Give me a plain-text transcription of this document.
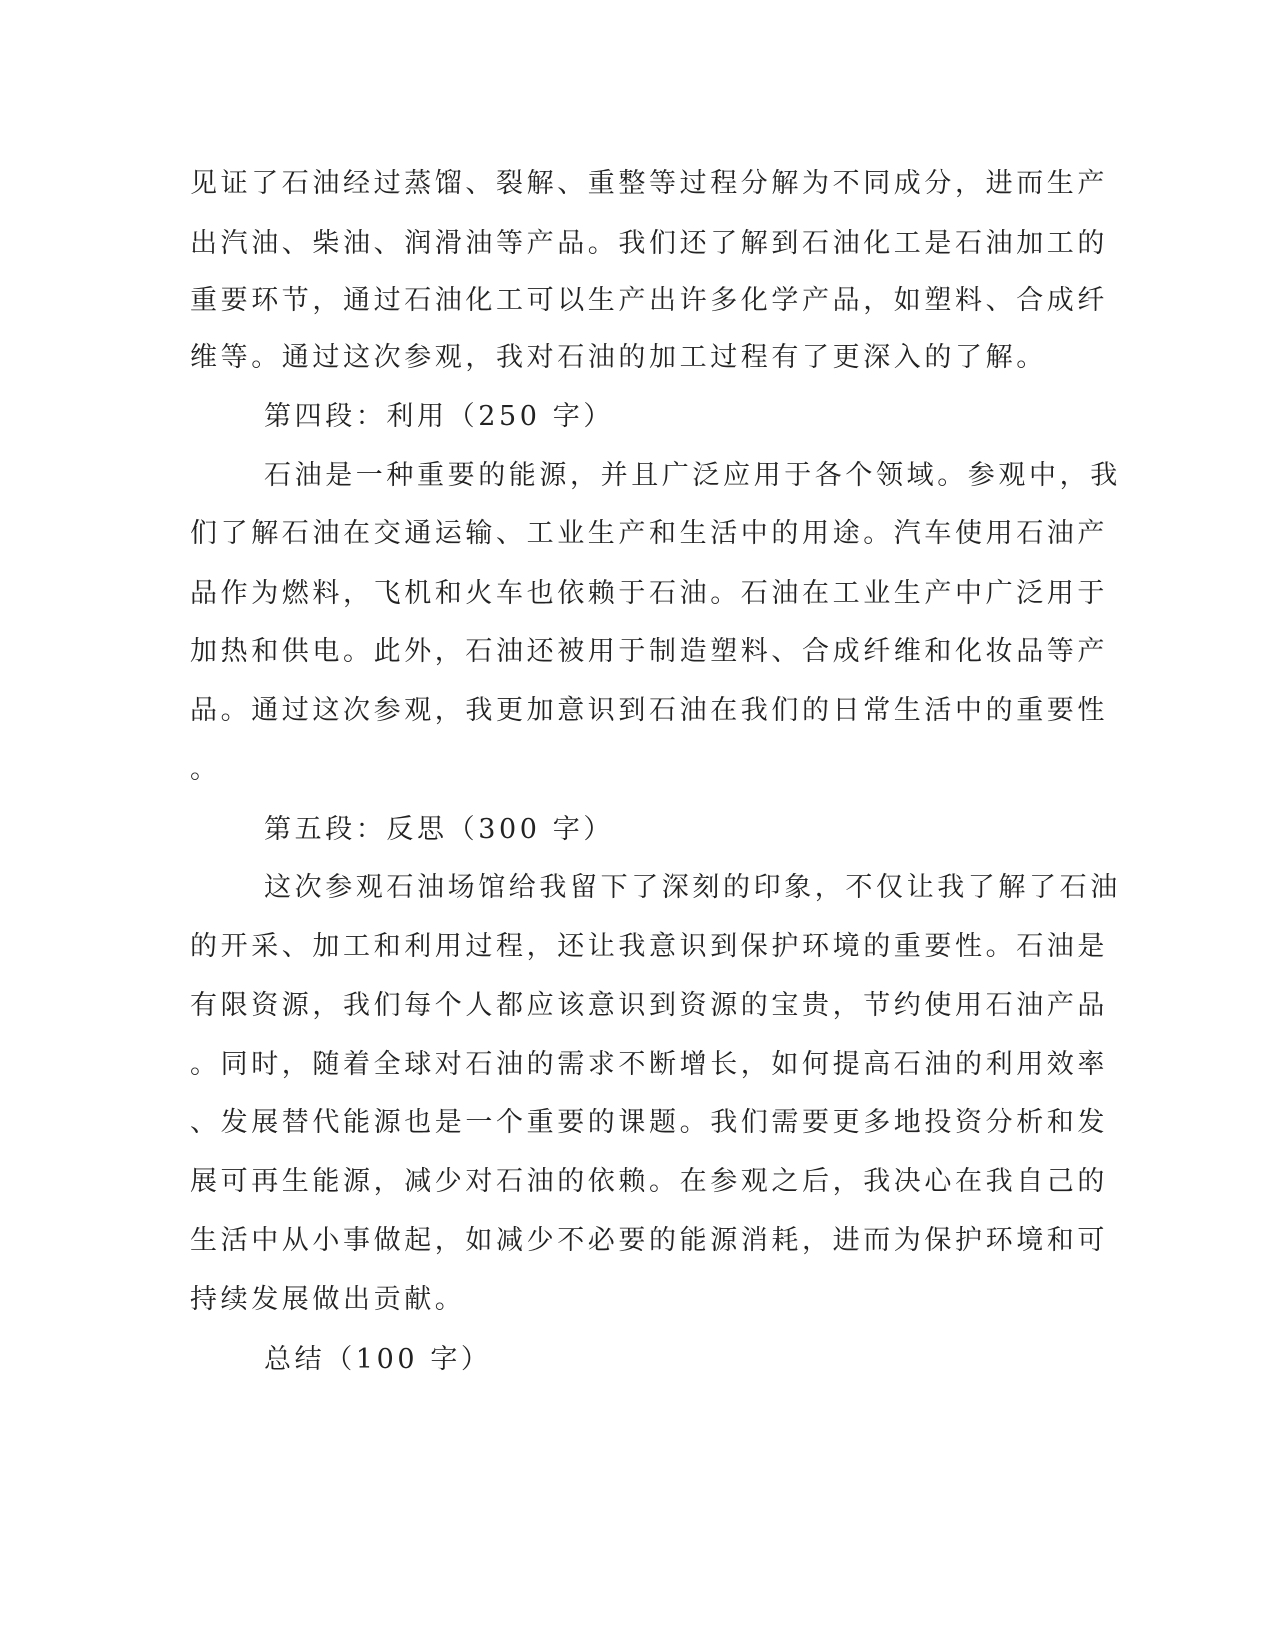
见证了石油经过蒸馏、裂解、重整等过程分解为不同成分，进而生产
出汽油、柴油、润滑油等产品。我们还了解到石油化工是石油加工的
重要环节，通过石油化工可以生产出许多化学产品，如塑料、合成纤
维等。通过这次参观，我对石油的加工过程有了更深入的了解。
第四段：利用（250 字）
石油是一种重要的能源，并且广泛应用于各个领域。参观中，我
们了解石油在交通运输、工业生产和生活中的用途。汽车使用石油产
品作为燃料，飞机和火车也依赖于石油。石油在工业生产中广泛用于
加热和供电。此外，石油还被用于制造塑料、合成纤维和化妆品等产
品。通过这次参观，我更加意识到石油在我们的日常生活中的重要性
。
第五段：反思（300 字）
这次参观石油场馆给我留下了深刻的印象，不仅让我了解了石油
的开采、加工和利用过程，还让我意识到保护环境的重要性。石油是
有限资源，我们每个人都应该意识到资源的宝贵，节约使用石油产品
。同时，随着全球对石油的需求不断增长，如何提高石油的利用效率
、发展替代能源也是一个重要的课题。我们需要更多地投资分析和发
展可再生能源，减少对石油的依赖。在参观之后，我决心在我自己的
生活中从小事做起，如减少不必要的能源消耗，进而为保护环境和可
持续发展做出贡献。
总结（100 字）
